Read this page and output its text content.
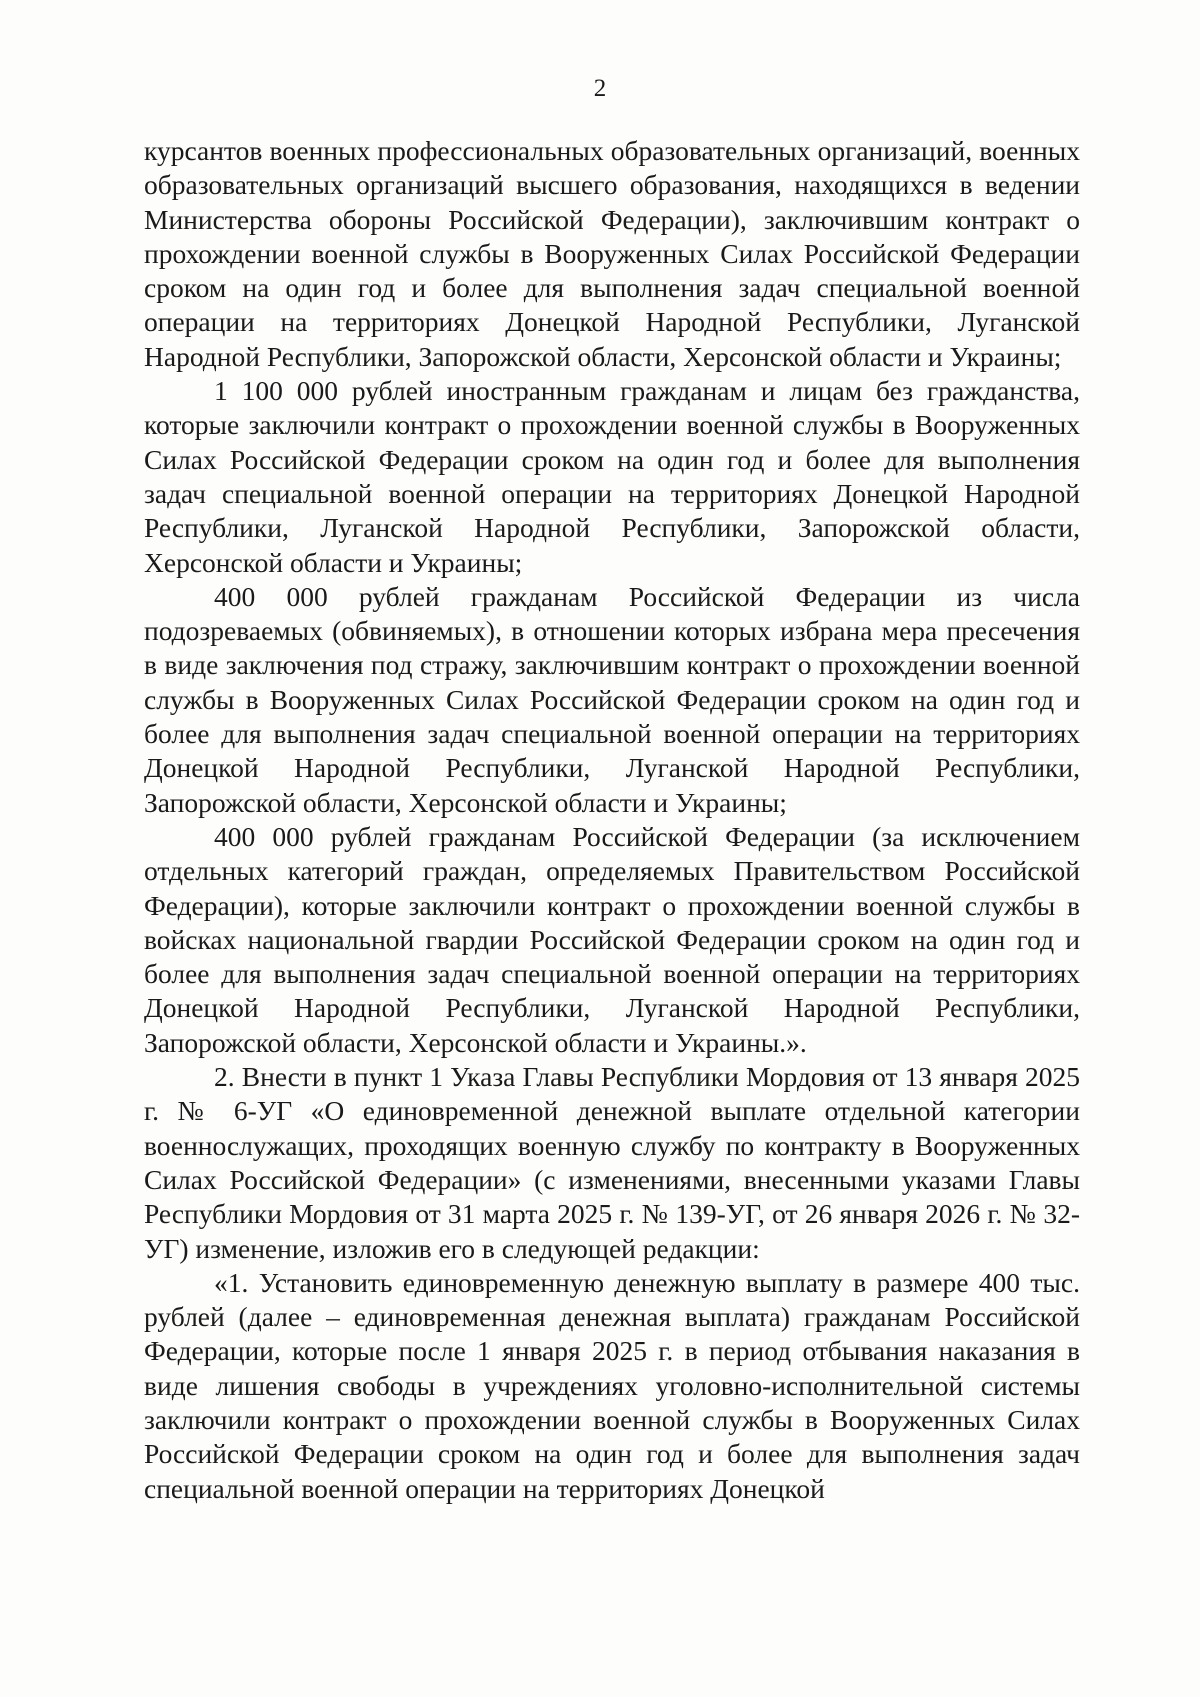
2

курсантов военных профессиональных образовательных организаций, военных образовательных организаций высшего образования, находящихся в ведении Министерства обороны Российской Федерации), заключившим контракт о прохождении военной службы в Вооруженных Силах Российской Федерации сроком на один год и более для выполнения задач специальной военной операции на территориях Донецкой Народной Республики, Луганской Народной Республики, Запорожской области, Херсонской области и Украины;

1 100 000 рублей иностранным гражданам и лицам без гражданства, которые заключили контракт о прохождении военной службы в Вооруженных Силах Российской Федерации сроком на один год и более для выполнения задач специальной военной операции на территориях Донецкой Народной Республики, Луганской Народной Республики, Запорожской области, Херсонской области и Украины;

400 000 рублей гражданам Российской Федерации из числа подозреваемых (обвиняемых), в отношении которых избрана мера пресечения в виде заключения под стражу, заключившим контракт о прохождении военной службы в Вооруженных Силах Российской Федерации сроком на один год и более для выполнения задач специальной военной операции на территориях Донецкой Народной Республики, Луганской Народной Республики, Запорожской области, Херсонской области и Украины;

400 000 рублей гражданам Российской Федерации (за исключением отдельных категорий граждан, определяемых Правительством Российской Федерации), которые заключили контракт о прохождении военной службы в войсках национальной гвардии Российской Федерации сроком на один год и более для выполнения задач специальной военной операции на территориях Донецкой Народной Республики, Луганской Народной Республики, Запорожской области, Херсонской области и Украины.».

2. Внести в пункт 1 Указа Главы Республики Мордовия от 13 января 2025 г. № 6-УГ «О единовременной денежной выплате отдельной категории военнослужащих, проходящих военную службу по контракту в Вооруженных Силах Российской Федерации» (с изменениями, внесенными указами Главы Республики Мордовия от 31 марта 2025 г. № 139-УГ, от 26 января 2026 г. № 32-УГ) изменение, изложив его в следующей редакции:

«1. Установить единовременную денежную выплату в размере 400 тыс. рублей (далее – единовременная денежная выплата) гражданам Российской Федерации, которые после 1 января 2025 г. в период отбывания наказания в виде лишения свободы в учреждениях уголовно-исполнительной системы заключили контракт о прохождении военной службы в Вооруженных Силах Российской Федерации сроком на один год и более для выполнения задач специальной военной операции на территориях Донецкой
